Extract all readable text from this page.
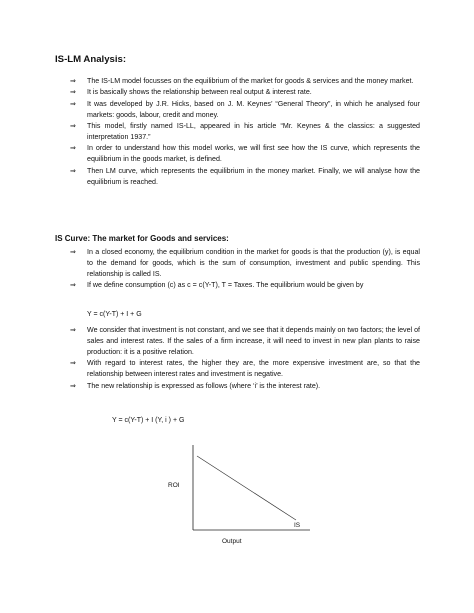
IS-LM Analysis:
⇒ The IS-LM model focusses on the equilibrium of the market for goods & services and the money market.
⇒ It is basically shows the relationship between real output & interest rate.
⇒ It was developed by J.R. Hicks, based on J. M. Keynes’ “General Theory”, in which he analysed four markets: goods, labour, credit and money.
⇒ This model, firstly named IS-LL, appeared in his article “Mr. Keynes & the classics: a suggested interpretation 1937.”
⇒ In order to understand how this model works, we will first see how the IS curve, which represents the equilibrium in the goods market, is defined.
⇒ Then LM curve, which represents the equilibrium in the money market. Finally, we will analyse how the equilibrium is reached.
IS Curve: The market for Goods and services:
⇒ In a closed economy, the equilibrium condition in the market for goods is that the production (y), is equal to the demand for goods, which is the sum of consumption, investment and public spending. This relationship is called IS.
⇒ If we define consumption (c) as c = c(Y-T), T = Taxes. The equilibrium would be given by
Y = c(Y-T) + I + G
⇒ We consider that investment is not constant, and we see that it depends mainly on two factors; the level of sales and interest rates. If the sales of a firm increase, it will need to invest in new plan plants to raise production: it is a positive relation.
⇒ With regard to interest rates, the higher they are, the more expensive investment are, so that the relationship between interest rates and investment is negative.
⇒ The new relationship is expressed as follows (where ‘i’ is the interest rate).
Y = c(Y-T) + I (Y, i ) + G
ROI
Output
IS
